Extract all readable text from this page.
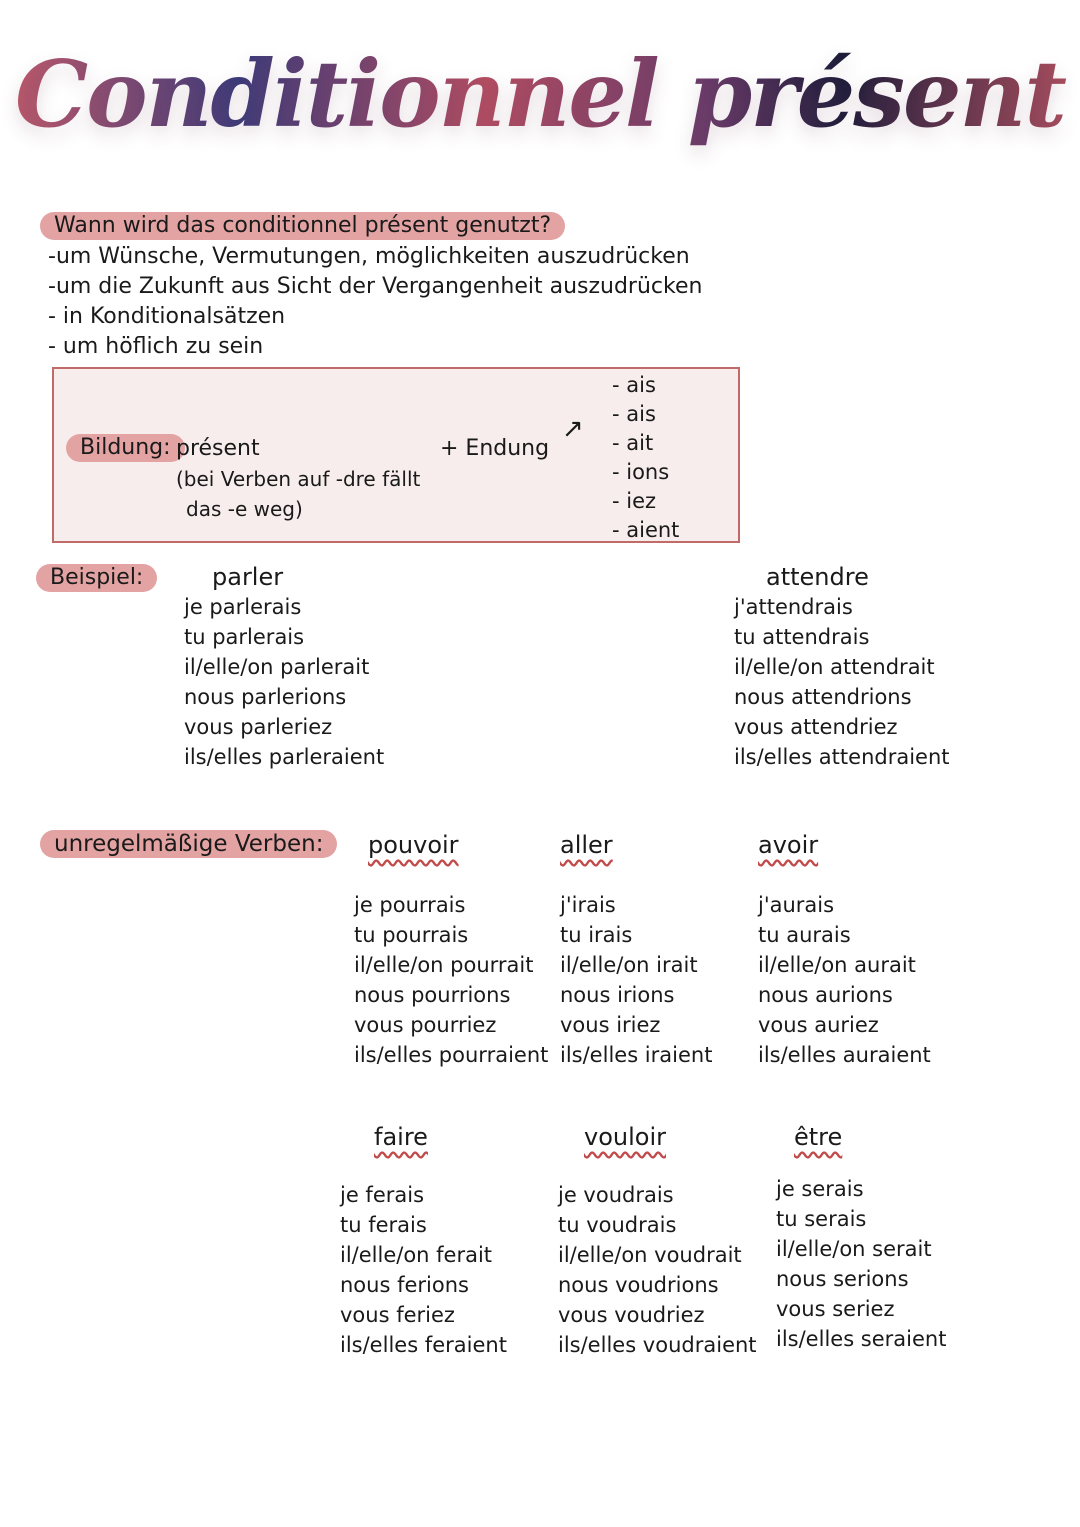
Conditionnel présent
Wann wird das conditionnel présent genutzt?
-um Wünsche, Vermutungen, möglichkeiten auszudrücken
-um die Zukunft aus Sicht der Vergangenheit auszudrücken
- in Konditionalsätzen
- um höflich zu sein
Bildung: présent
(bei Verben auf -dre fällt
das -e weg)
+ Endung
↗
- ais
- ais
- ait
- ions
- iez
- aient
Beispiel:	parler
je parlerais
tu parlerais
il/elle/on parlerait
nous parlerions
vous parleriez
ils/elles parleraient
attendre
j'attendrais
tu attendrais
il/elle/on attendrait
nous attendrions
vous attendriez
ils/elles attendraient
unregelmäßige Verben:	pouvoir
je pourrais
tu pourrais
il/elle/on pourrait
nous pourrions
vous pourriez
ils/elles pourraient
aller
j'irais
tu irais
il/elle/on irait
nous irions
vous iriez
ils/elles iraient
avoir
j'aurais
tu aurais
il/elle/on aurait
nous aurions
vous auriez
ils/elles auraient
faire
je ferais
tu ferais
il/elle/on ferait
nous ferions
vous feriez
ils/elles feraient
vouloir
je voudrais
tu voudrais
il/elle/on voudrait
nous voudrions
vous voudriez
ils/elles voudraient
être
je serais
tu serais
il/elle/on serait
nous serions
vous seriez
ils/elles seraient
